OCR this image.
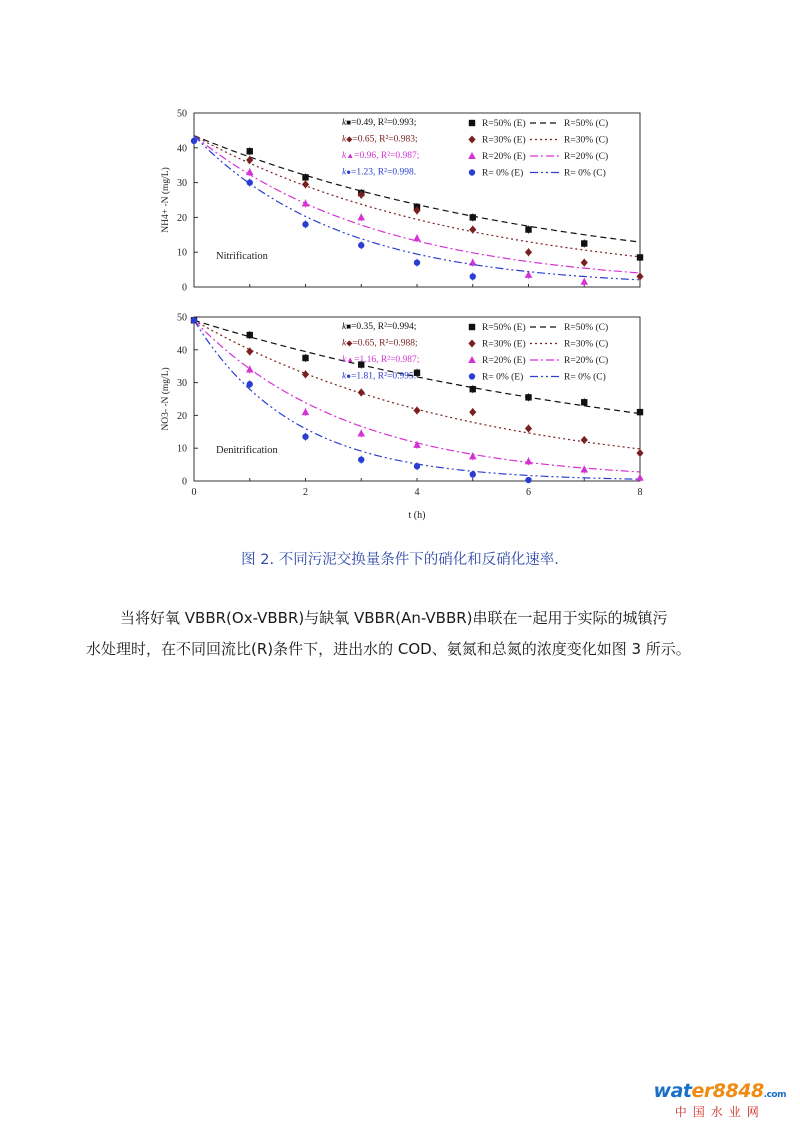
0
10
20
30
40
50
NH4+ -N (mg/L)
Nitrification
k■=0.49, R²=0.993;
k◆=0.65, R²=0.983;
k▲=0.96, R²=0.987;
k●=1.23, R²=0.998.
R=50% (E)	R=50% (C)
R=30% (E)	R=30% (C)
R=20% (E)	R=20% (C)
R= 0% (E)	R= 0% (C)
0
10
20
30
40
50
0	2	4	6	8
NO3- -N (mg/L)
t (h)
Denitrification
k■=0.35, R²=0.994;
k◆=0.65, R²=0.988;
k▲=1.16, R²=0.987;
k●=1.81, R²=0.995.
R=50% (E)	R=50% (C)
R=30% (E)	R=30% (C)
R=20% (E)	R=20% (C)
R= 0% (E)	R= 0% (C)
图 2. 不同污泥交换量条件下的硝化和反硝化速率.
当将好氧 VBBR(Ox-VBBR)与缺氧 VBBR(An-VBBR)串联在一起用于实际的城镇污
水处理时，在不同回流比(R)条件下，进出水的 COD、氨氮和总氮的浓度变化如图 3 所示。
water8848.com
中国水业网
